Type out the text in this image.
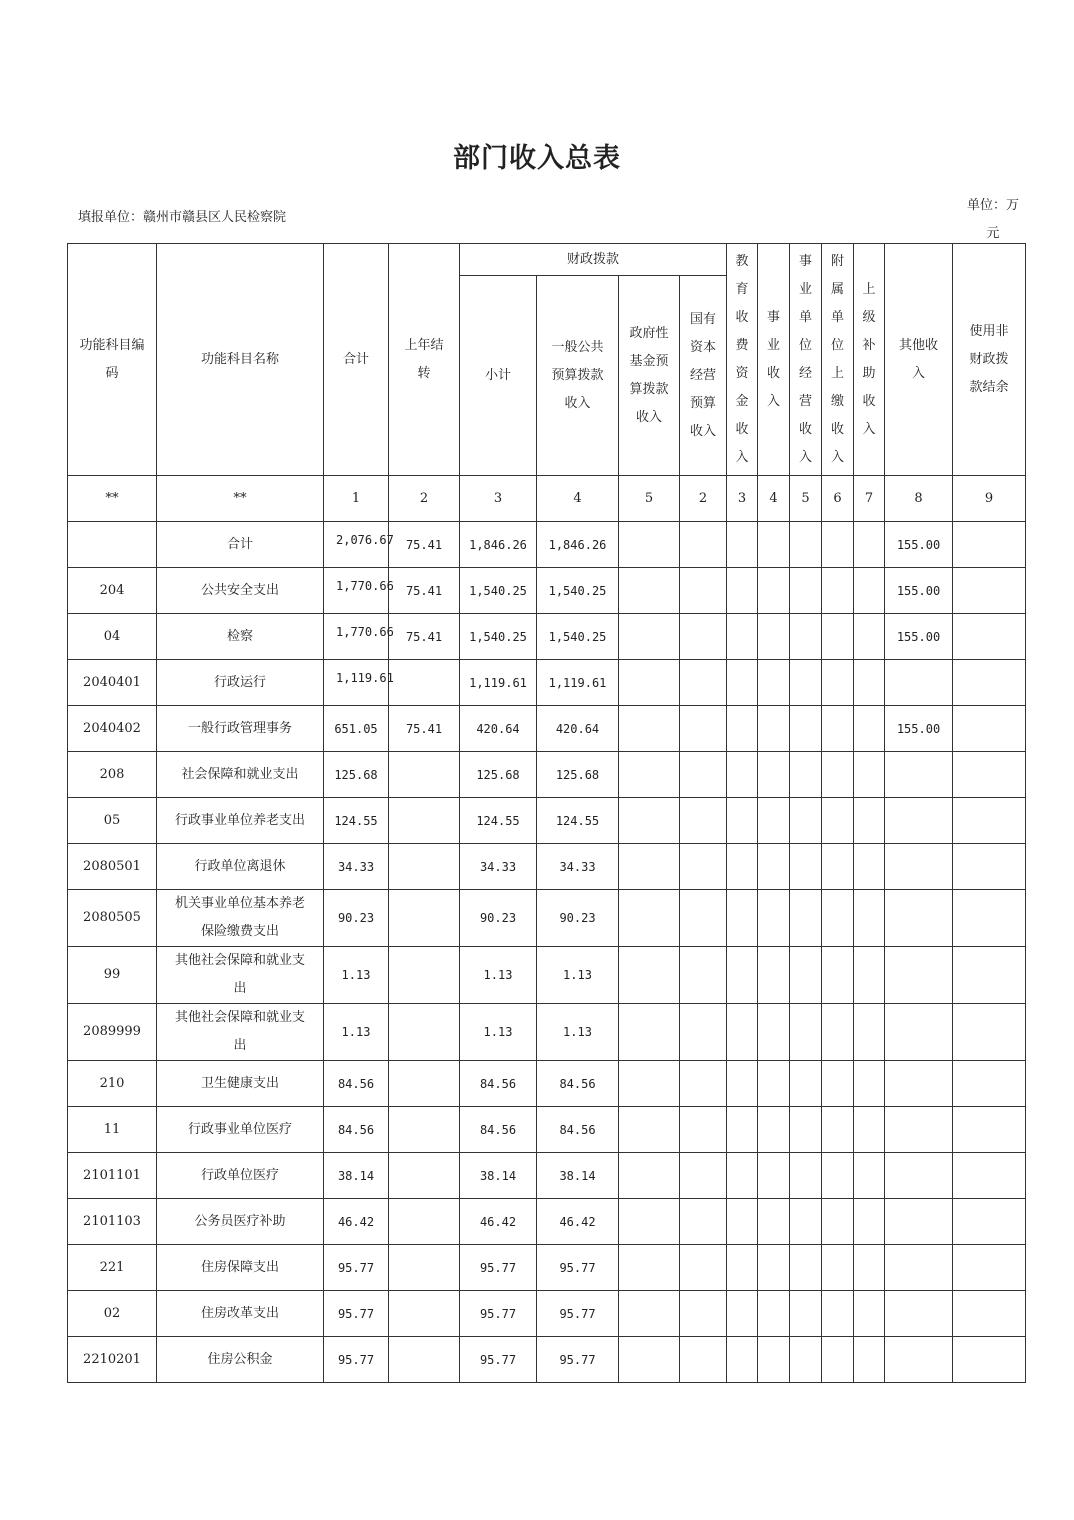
部门收入总表
填报单位：赣州市赣县区人民检察院
单位：万
元
功能科目编码	功能科目名称	合计	上年结转	财政拨款				教育收费资金收入	事业收入	事业单位经营收入	附属单位上缴收入	上级补助收入	其他收入	使用非财政拨款结余

				小计	一般公共预算拨款收入	政府性基金预算拨款收入	国有资本经营预算收入							

**	**	1	2	3	4	5	2	3	4	5	6	7	8	9
	合计	2,076.67	75.41	1,846.26	1,846.26								155.00	
204	公共安全支出	1,770.66	75.41	1,540.25	1,540.25								155.00	
04	检察	1,770.66	75.41	1,540.25	1,540.25								155.00	
2040401	行政运行	1,119.61		1,119.61	1,119.61									
2040402	一般行政管理事务	651.05	75.41	420.64	420.64								155.00	
208	社会保障和就业支出	125.68		125.68	125.68									
05	行政事业单位养老支出	124.55		124.55	124.55									
2080501	行政单位离退休	34.33		34.33	34.33									
2080505	机关事业单位基本养老保险缴费支出	90.23		90.23	90.23									
99	其他社会保障和就业支出	1.13		1.13	1.13									
2089999	其他社会保障和就业支出	1.13		1.13	1.13									
210	卫生健康支出	84.56		84.56	84.56									
11	行政事业单位医疗	84.56		84.56	84.56									
2101101	行政单位医疗	38.14		38.14	38.14									
2101103	公务员医疗补助	46.42		46.42	46.42									
221	住房保障支出	95.77		95.77	95.77									
02	住房改革支出	95.77		95.77	95.77									
2210201	住房公积金	95.77		95.77	95.77									
